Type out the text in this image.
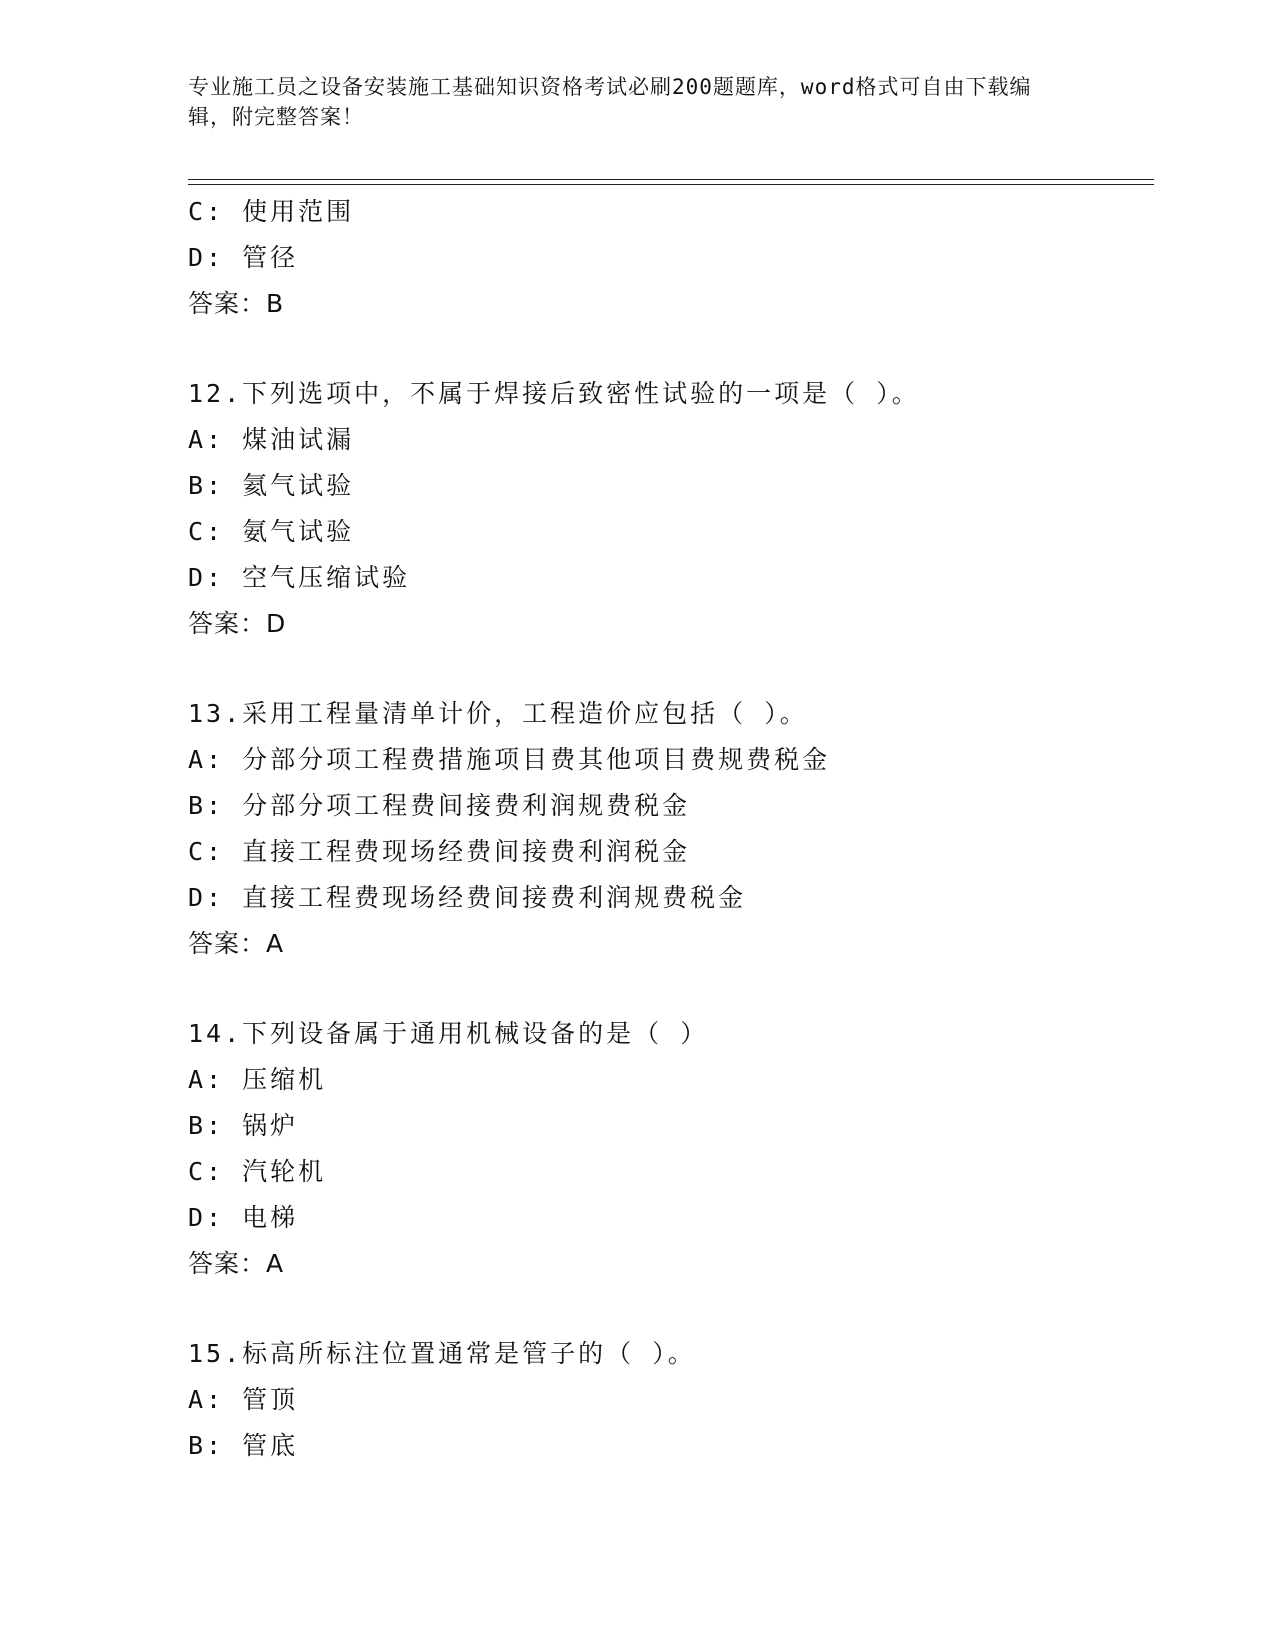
专业施工员之设备安装施工基础知识资格考试必刷200题题库，word格式可自由下载编辑，附完整答案！
C: 使用范围
D: 管径
答案：B
12.下列选项中，不属于焊接后致密性试验的一项是（ ）。
A: 煤油试漏
B: 氦气试验
C: 氨气试验
D: 空气压缩试验
答案：D
13.采用工程量清单计价，工程造价应包括（ ）。
A: 分部分项工程费措施项目费其他项目费规费税金
B: 分部分项工程费间接费利润规费税金
C: 直接工程费现场经费间接费利润税金
D: 直接工程费现场经费间接费利润规费税金
答案：A
14.下列设备属于通用机械设备的是（ ）
A: 压缩机
B: 锅炉
C: 汽轮机
D: 电梯
答案：A
15.标高所标注位置通常是管子的（ ）。
A: 管顶
B: 管底
